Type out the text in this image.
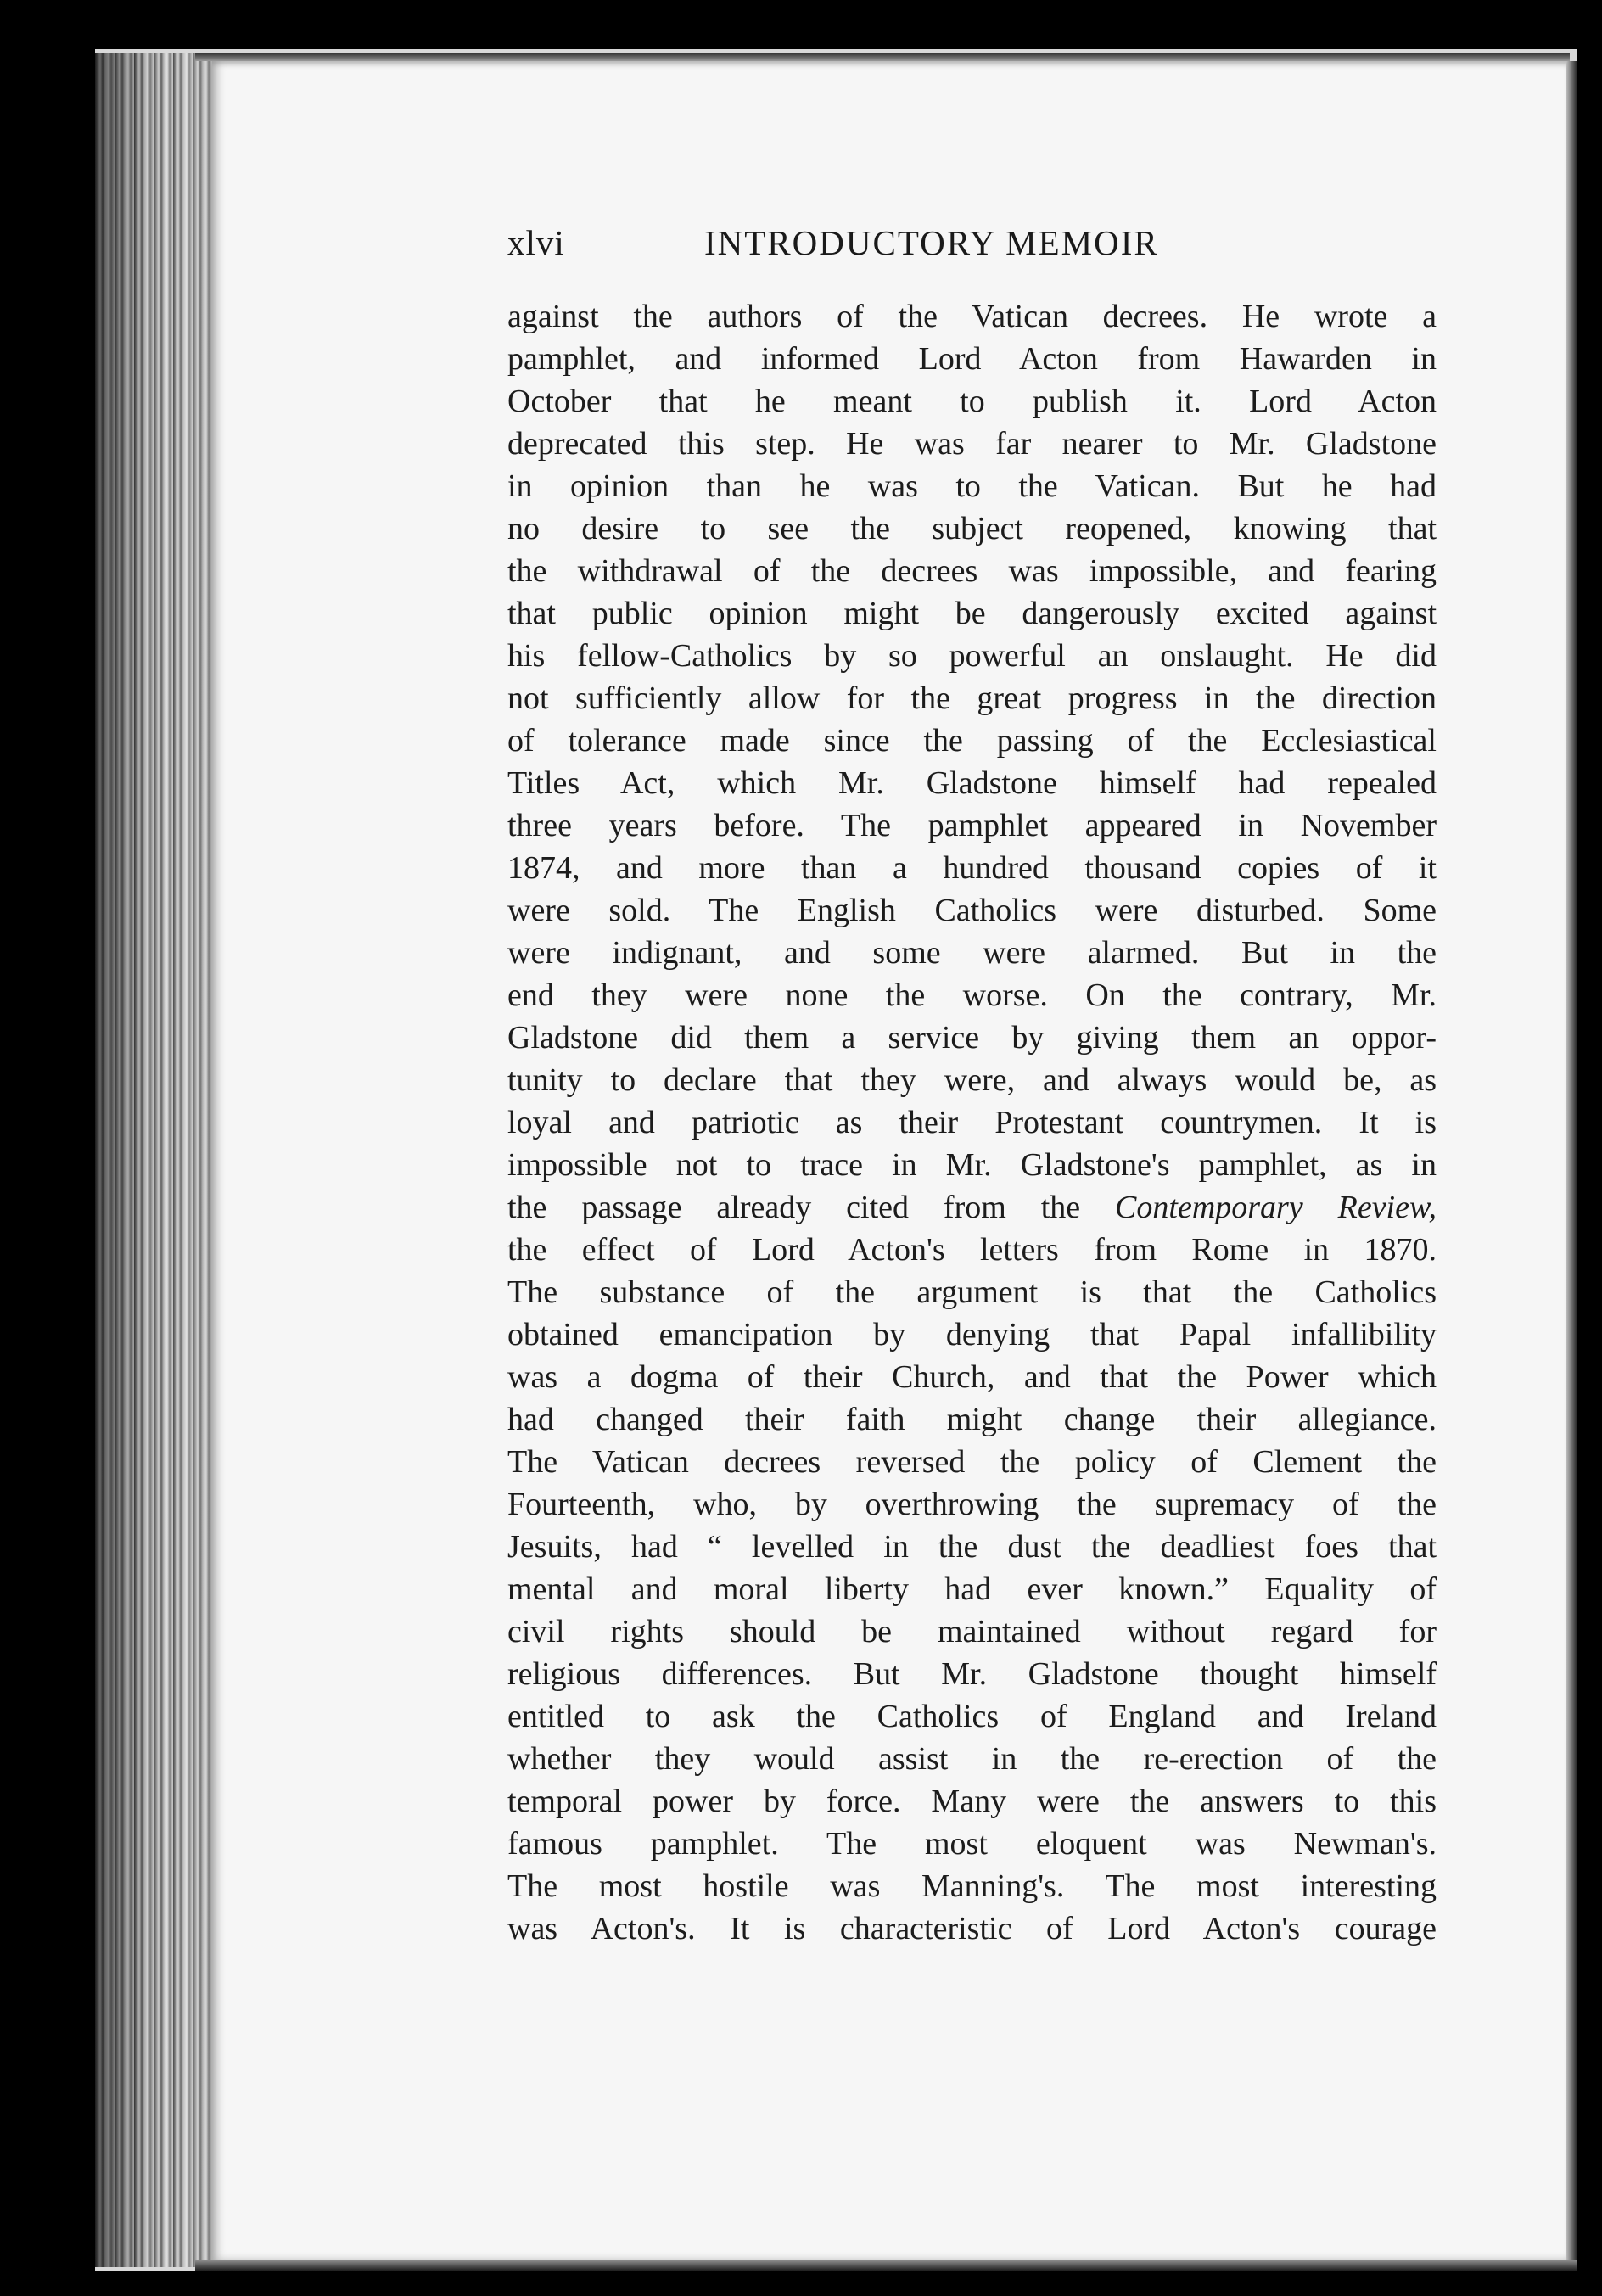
xlvi	INTRODUCTORY MEMOIR
against the authors of the Vatican decrees. He wrote a
pamphlet, and informed Lord Acton from Hawarden in
October that he meant to publish it. Lord Acton
deprecated this step. He was far nearer to Mr. Gladstone
in opinion than he was to the Vatican. But he had
no desire to see the subject reopened, knowing that
the withdrawal of the decrees was impossible, and fearing
that public opinion might be dangerously excited against
his fellow-Catholics by so powerful an onslaught. He did
not sufficiently allow for the great progress in the direction
of tolerance made since the passing of the Ecclesiastical
Titles Act, which Mr. Gladstone himself had repealed
three years before. The pamphlet appeared in November
1874, and more than a hundred thousand copies of it
were sold. The English Catholics were disturbed. Some
were indignant, and some were alarmed. But in the
end they were none the worse. On the contrary, Mr.
Gladstone did them a service by giving them an oppor-
tunity to declare that they were, and always would be, as
loyal and patriotic as their Protestant countrymen. It is
impossible not to trace in Mr. Gladstone's pamphlet, as in
the passage already cited from the Contemporary Review,
the effect of Lord Acton's letters from Rome in 1870.
The substance of the argument is that the Catholics
obtained emancipation by denying that Papal infallibility
was a dogma of their Church, and that the Power which
had changed their faith might change their allegiance.
The Vatican decrees reversed the policy of Clement the
Fourteenth, who, by overthrowing the supremacy of the
Jesuits, had “ levelled in the dust the deadliest foes that
mental and moral liberty had ever known.” Equality of
civil rights should be maintained without regard for
religious differences. But Mr. Gladstone thought himself
entitled to ask the Catholics of England and Ireland
whether they would assist in the re-erection of the
temporal power by force. Many were the answers to this
famous pamphlet. The most eloquent was Newman's.
The most hostile was Manning's. The most interesting
was Acton's. It is characteristic of Lord Acton's courage
